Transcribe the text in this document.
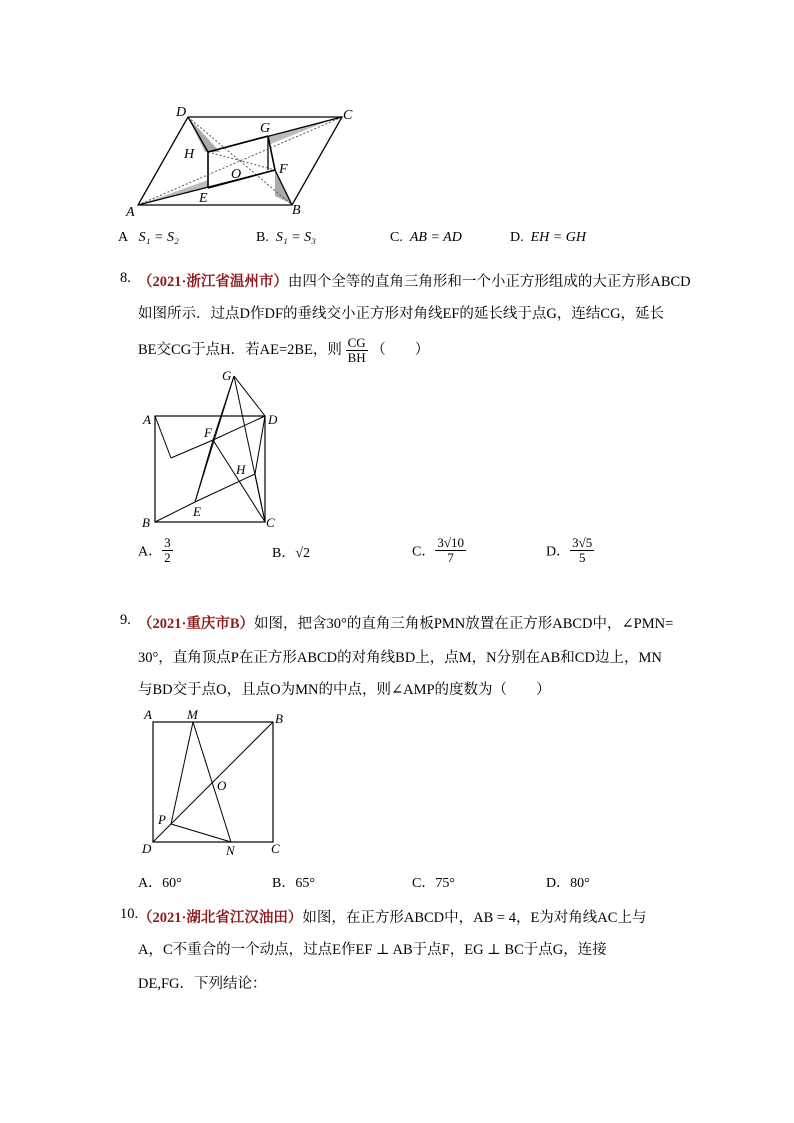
D	C
G
H
O	F
E
A	B
A S₁ = S₂	B. S₁ = S₃	C. AB = AD	D. EH = GH
8. （2021·浙江省温州市）由四个全等的直角三角形和一个小正方形组成的大正方形ABCD
如图所示．过点D作DF的垂线交小正方形对角线EF的延长线于点G，连结CG，延长
BE交CG于点H．若AE=2BE，则 $\frac{CG}{BH}$ （　　）
G
A	D
F
H
E
B	C
A． $\frac{3}{2}$	B．√2	C． $\frac{3√10}{7}$	D． $\frac{3√5}{5}$
9. （2021·重庆市B）如图，把含30°的直角三角板PMN放置在正方形ABCD中，∠PMN=
30°，直角顶点P在正方形ABCD的对角线BD上，点M，N分别在AB和CD边上，MN
与BD交于点O，且点O为MN的中点，则∠AMP的度数为（　　）
A	M	B
O
P
D	N	C
A．60°	B．65°	C．75°	D．80°
10. （2021·湖北省江汉油田）如图，在正方形ABCD中，AB = 4，E为对角线AC上与
A，C不重合的一个动点，过点E作EF ⊥ AB于点F，EG ⊥ BC于点G，连接
DE,FG．下列结论：
